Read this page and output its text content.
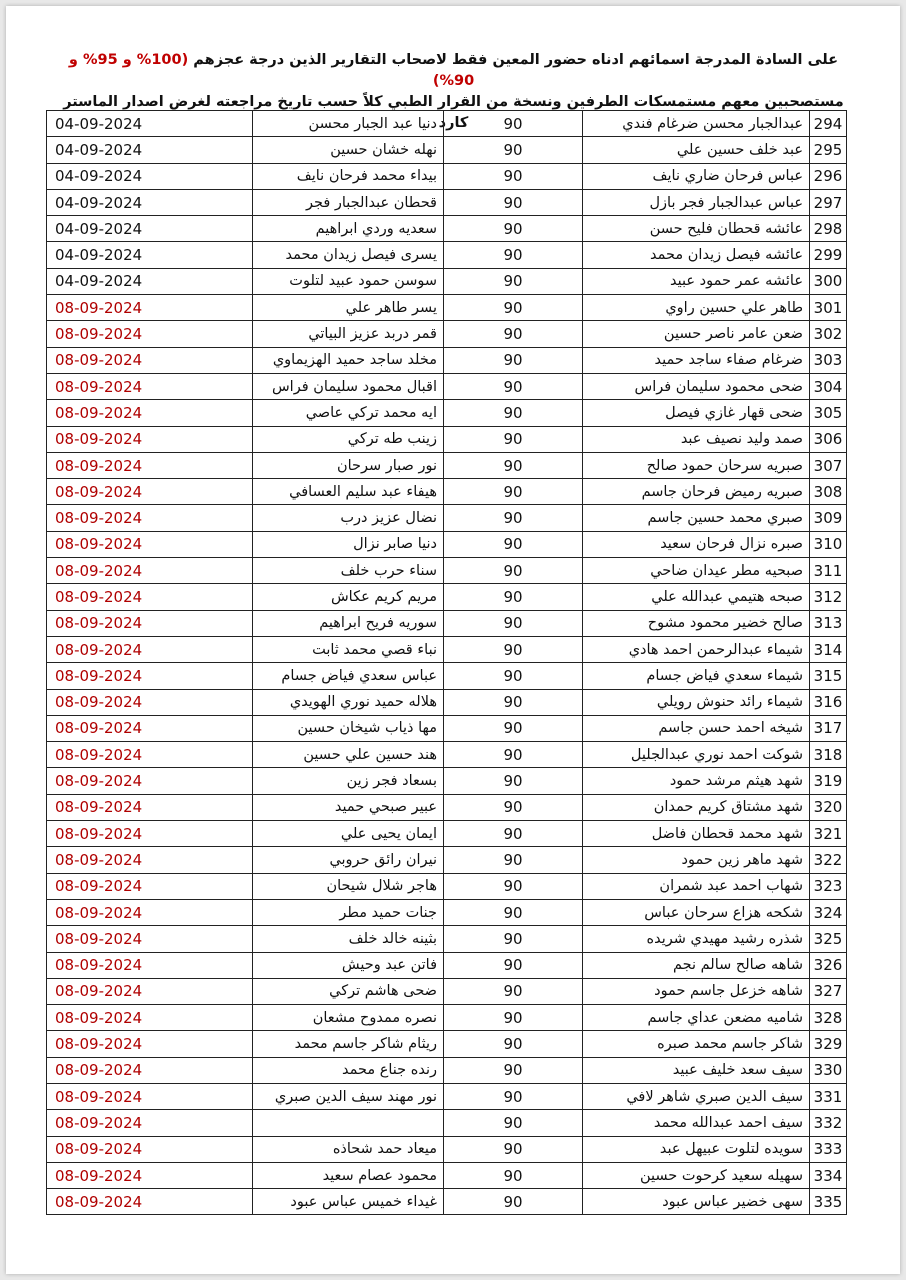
على السادة المدرجة اسمائهم ادناه حضور المعين فقط لاصحاب التقارير الذين درجة عجزهم (100% و 95% و 90%)
مستصحبين معهم مستمسكات الطرفين ونسخة من القرار الطبي كلاً حسب تاريخ مراجعته لغرض اصدار الماستر كارد	294	عبدالجبار محسن ضرغام فندي	90	دنيا عبد الجبار محسن	04-09-2024
295	عبد خلف حسين علي	90	نهله خشان حسين	04-09-2024
296	عباس فرحان ضاري نايف	90	بيداء محمد فرحان نايف	04-09-2024
297	عباس عبدالجبار فجر بازل	90	قحطان عبدالجبار فجر	04-09-2024
298	عائشه قحطان فليح حسن	90	سعديه وردي ابراهيم	04-09-2024
299	عائشه فيصل زيدان محمد	90	يسرى فيصل زيدان محمد	04-09-2024
300	عائشه عمر حمود عبيد	90	سوسن حمود عبيد لتلوت	04-09-2024
301	طاهر علي حسين راوي	90	يسر طاهر علي	08-09-2024
302	ضعن عامر ناصر حسين	90	قمر دربد عزيز البياتي	08-09-2024
303	ضرغام صفاء ساجد حميد	90	مخلد ساجد حميد الهزيماوي	08-09-2024
304	ضحى محمود سليمان فراس	90	اقبال محمود سليمان فراس	08-09-2024
305	ضحى قهار غازي فيصل	90	ايه محمد تركي عاصي	08-09-2024
306	صمد وليد نصيف عبد	90	زينب طه تركي	08-09-2024
307	صبريه سرحان حمود صالح	90	نور صبار سرحان	08-09-2024
308	صبريه رميض فرحان جاسم	90	هيفاء عبد سليم العسافي	08-09-2024
309	صبري محمد حسين جاسم	90	نضال عزيز درب	08-09-2024
310	صبره نزال فرحان سعيد	90	دنيا صابر نزال	08-09-2024
311	صبحيه مطر عيدان ضاحي	90	سناء حرب خلف	08-09-2024
312	صبحه هتيمي عبدالله علي	90	مريم كريم عكاش	08-09-2024
313	صالح خضير محمود مشوح	90	سوريه فريح ابراهيم	08-09-2024
314	شيماء عبدالرحمن احمد هادي	90	نباء قصي محمد ثابت	08-09-2024
315	شيماء سعدي فياض جسام	90	عباس سعدي فياض جسام	08-09-2024
316	شيماء رائد حنوش رويلي	90	هلاله حميد نوري الهويدي	08-09-2024
317	شيخه احمد حسن جاسم	90	مها ذياب شيخان حسين	08-09-2024
318	شوكت احمد نوري عبدالجليل	90	هند حسين علي حسين	08-09-2024
319	شهد هيثم مرشد حمود	90	بسعاد فجر زين	08-09-2024
320	شهد مشتاق كريم حمدان	90	عبير صبحي حميد	08-09-2024
321	شهد محمد قحطان فاضل	90	ايمان يحيى علي	08-09-2024
322	شهد ماهر زين حمود	90	نيران رائق حروبي	08-09-2024
323	شهاب احمد عبد شمران	90	هاجر شلال شيحان	08-09-2024
324	شكحه هزاع سرحان عباس	90	جنات حميد مطر	08-09-2024
325	شذره رشيد مهيدي شريده	90	بثينه خالد خلف	08-09-2024
326	شاهه صالح سالم نجم	90	فاتن عبد وحيش	08-09-2024
327	شاهه خزعل جاسم حمود	90	ضحى هاشم تركي	08-09-2024
328	شاميه مضعن عداي جاسم	90	نصره ممدوح مشعان	08-09-2024
329	شاكر جاسم محمد صبره	90	ريثام شاكر جاسم محمد	08-09-2024
330	سيف سعد خليف عبيد	90	رنده جناع محمد	08-09-2024
331	سيف الدين صبري شاهر لافي	90	نور مهند سيف الدين صبري	08-09-2024
332	سيف احمد عبدالله محمد	90		08-09-2024
333	سويده لتلوت عبيهل عبد	90	ميعاد حمد شحاذه	08-09-2024
334	سهيله سعيد كرحوت حسين	90	محمود عصام سعيد	08-09-2024
335	سهى خضير عباس عبود	90	غيداء خميس عباس عبود	08-09-2024
